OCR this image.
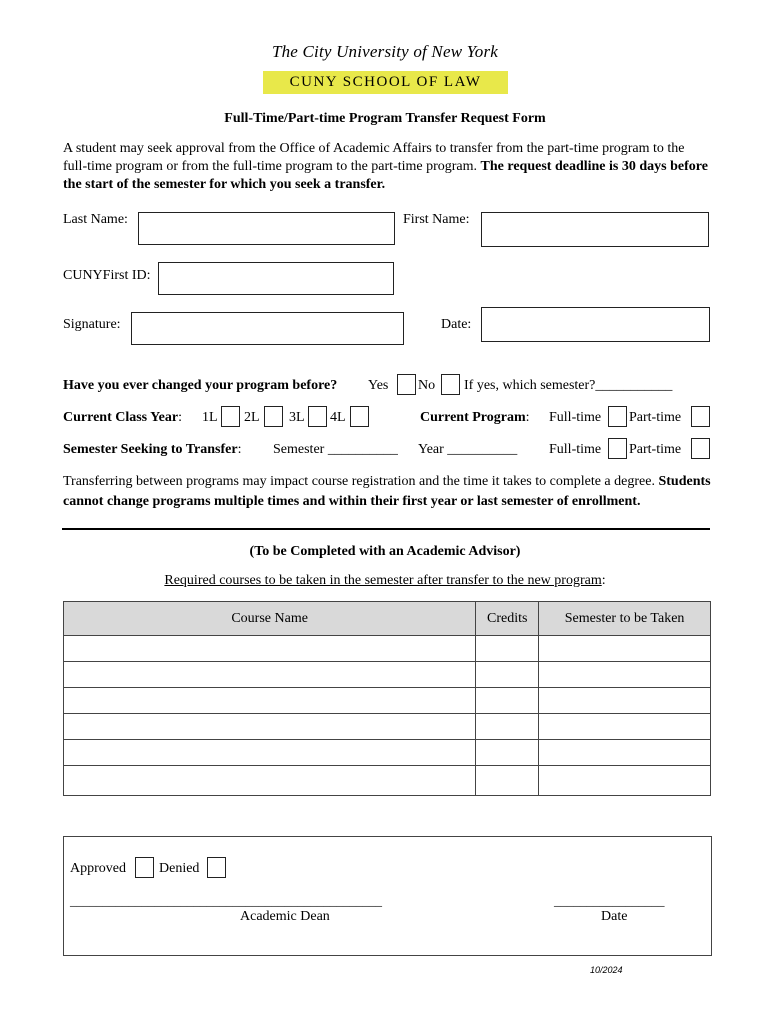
The City University of New York
CUNY SCHOOL OF LAW
Full-Time/Part-time Program Transfer Request Form
A student may seek approval from the Office of Academic Affairs to transfer from the part-time program to the full-time program or from the full-time program to the part-time program. The request deadline is 30 days before the start of the semester for which you seek a transfer.
Last Name:	First Name:
CUNYFirst ID:
Signature:	Date:
Have you ever changed your program before? Yes No If yes, which semester?___________
Current Class Year: 1L 2L 3L 4L	Current Program: Full-time Part-time
Semester Seeking to Transfer: Semester __________ Year __________ Full-time Part-time
Transferring between programs may impact course registration and the time it takes to complete a degree. Students cannot change programs multiple times and within their first year or last semester of enrollment.
(To be Completed with an Academic Advisor)
Required courses to be taken in the semester after transfer to the new program:
Course Name	Credits	Semester to be Taken

Approved Denied
________________________________________________
Academic Dean
_________________
Date
10/2024
